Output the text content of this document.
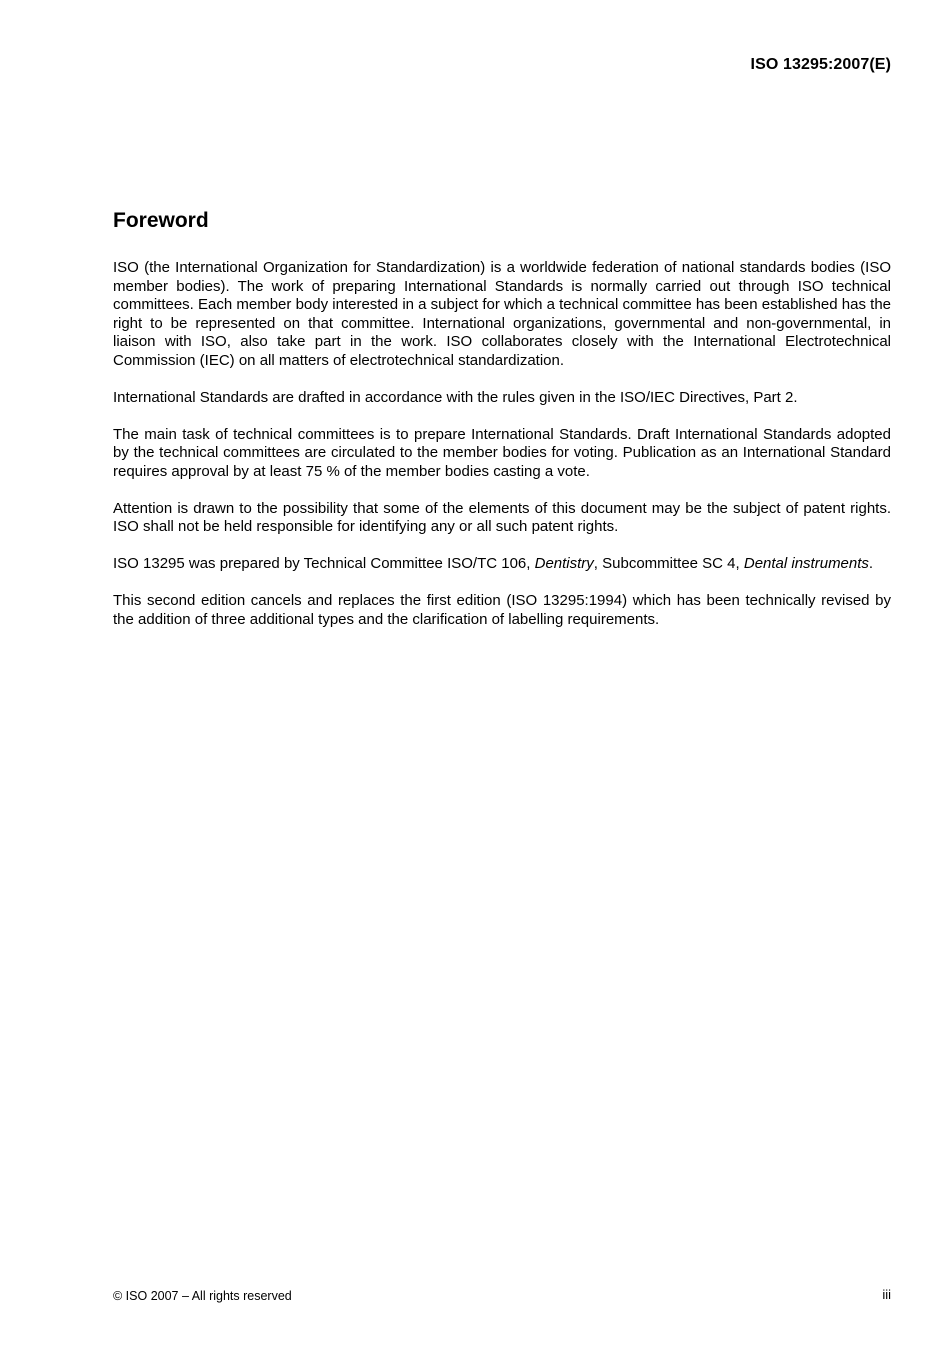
ISO 13295:2007(E)
Foreword

ISO (the International Organization for Standardization) is a worldwide federation of national standards bodies (ISO member bodies). The work of preparing International Standards is normally carried out through ISO technical committees. Each member body interested in a subject for which a technical committee has been established has the right to be represented on that committee. International organizations, governmental and non-governmental, in liaison with ISO, also take part in the work. ISO collaborates closely with the International Electrotechnical Commission (IEC) on all matters of electrotechnical standardization.

International Standards are drafted in accordance with the rules given in the ISO/IEC Directives, Part 2.

The main task of technical committees is to prepare International Standards. Draft International Standards adopted by the technical committees are circulated to the member bodies for voting. Publication as an International Standard requires approval by at least 75 % of the member bodies casting a vote.

Attention is drawn to the possibility that some of the elements of this document may be the subject of patent rights. ISO shall not be held responsible for identifying any or all such patent rights.

ISO 13295 was prepared by Technical Committee ISO/TC 106, Dentistry, Subcommittee SC 4, Dental instruments.

This second edition cancels and replaces the first edition (ISO 13295:1994) which has been technically revised by the addition of three additional types and the clarification of labelling requirements.

© ISO 2007 – All rights reserved	iii
